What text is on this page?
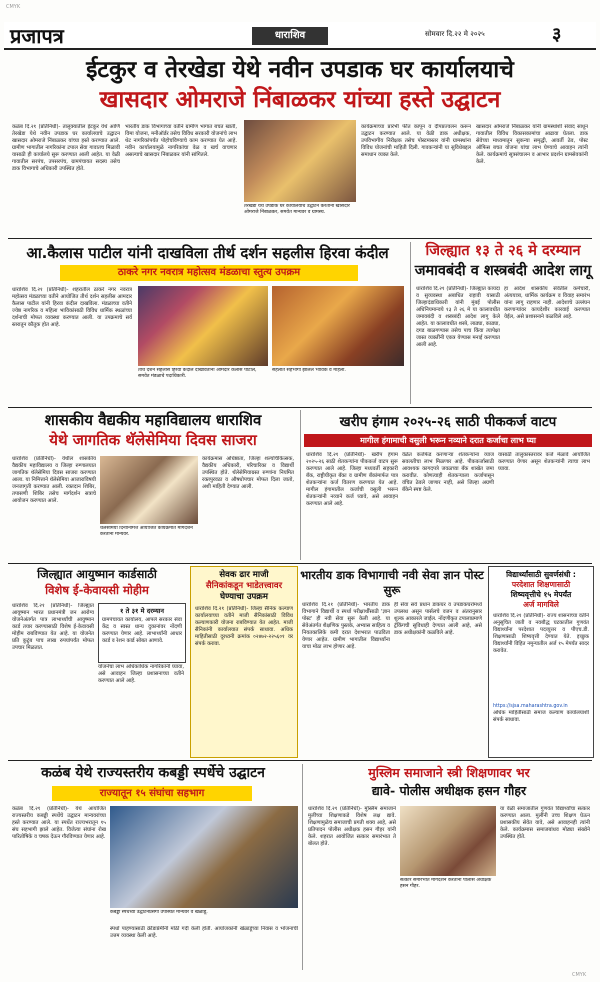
CMYK
CMYK
प्रजापत्र	धाराशिव	सोमवार दि.२२ मे २०२५	३
ईटकुर व तेरखेडा येथे नवीन उपडाक घर कार्यालयाचे
खासदार ओमराजे निंबाळकर यांच्या हस्ते उद्घाटन
कळंब दि.२१ (प्रतिनिधी)- तालुक्यातील ईटकुर येथे आणि तेरखेडा येथे नवीन उपडाक घर कार्यालयाचे उद्घाटन खासदार ओमराजे निंबाळकर यांच्या हस्ते करण्यात आले. ग्रामीण भागातील नागरिकांना टपाल सेवा गावातच मिळावी यासाठी ही कार्यालये सुरू करण्यात आली आहेत. या वेळी गावातील सरपंच, उपसरपंच, ग्रामपंचायत सदस्य तसेच डाक विभागाचे अधिकारी उपस्थित होते.
भारतीय डाक विभागाच्या वतीने ग्रामीण भागात बचत खाती, विमा योजना, मनीऑर्डर तसेच विविध सरकारी योजनांचे लाभ थेट नागरिकांपर्यंत पोहोचविण्याचे काम करण्यात येत आहे. नवीन कार्यालयामुळे नागरिकांचा वेळ व खर्च वाचणार असल्याचे खासदार निंबाळकर यांनी सांगितले.
तेरखेडा येथे उपडाक घर कार्यालयाचे उद्घाटन करताना खासदार ओमराजे निंबाळकर, समवेत मान्यवर व ग्रामस्थ.
कार्यक्रमाच्या प्रारंभी फीत कापून व दीपप्रज्वलन करून उद्घाटन करण्यात आले. या वेळी डाक अधीक्षक, उपविभागीय निरीक्षक तसेच पोस्टमास्तर यांनी ग्रामस्थांना विविध योजनांची माहिती दिली. गावकऱ्यांनी या सुविधेबद्दल समाधान व्यक्त केले.
खासदार ओमराजे निंबाळकर यांनी ग्रामस्थांशी संवाद साधून गावातील विविध विकासकामांचा आढावा घेतला. डाक सेवेच्या माध्यमातून सुकन्या समृद्धी, आवर्ती ठेव, पोस्ट ऑफिस बचत योजना यांचा लाभ घेण्याचे आवाहन त्यांनी केले. कार्यक्रमाचे सूत्रसंचालन व आभार प्रदर्शन ग्रामसेवकांनी केले.
आ.कैलास पाटील यांनी दाखविला तीर्थ दर्शन सहलीस हिरवा कंदील
ठाकरे नगर नवरात्र महोत्सव मंडळाचा स्तुत्य उपक्रम
धाराशिव दि.२१ (प्रतिनिधी)- शहरातील ठाकरे नगर नवरात्र महोत्सव मंडळाच्या वतीने आयोजित तीर्थ दर्शन सहलीस आमदार कैलास पाटील यांनी हिरवा कंदील दाखविला. मंडळाच्या वतीने ज्येष्ठ नागरिक व महिला भाविकांसाठी विविध धार्मिक स्थळांच्या दर्शनाची मोफत व्यवस्था करण्यात आली. या उपक्रमाचे सर्व स्तरातून कौतुक होत आहे.
तीर्थ दर्शन सहलीस हिरवा कंदील दाखविताना आमदार कैलास पाटील, समवेत मंडळाचे पदाधिकारी.
सहलीत सहभागी झालेले भाविक व महिला.
जिल्ह्यात १३ ते २६ मे दरम्यान
जमावबंदी व शस्त्रबंदी आदेश लागू
धाराशिव दि.२१ (प्रतिनिधी)- जिल्ह्यात कायदा व सुव्यवस्था अबाधित राहावी यासाठी जिल्हादंडाधिकारी यांनी मुंबई पोलीस अधिनियमान्वये १३ ते २६ मे या कालावधीत जमावबंदी व शस्त्रबंदी आदेश लागू केले आहेत. या कालावधीत शस्त्रे, लाठ्या, काठ्या, दगड बाळगण्यास तसेच पाच किंवा त्यापेक्षा जास्त व्यक्तींनी एकत्र येण्यास मनाई करण्यात आली आहे.
हा आदेश शासकीय सेवेतील कर्मचारी, अंत्ययात्रा, धार्मिक कार्यक्रम व विवाह समारंभ यांना लागू राहणार नाही. आदेशाचे उल्लंघन करणाऱ्यांवर कायदेशीर कारवाई करण्यात येईल, असे प्रशासनाने कळविले आहे.
शासकीय वैद्यकीय महाविद्यालय धाराशिव
येथे जागतिक थॅलेसेमिया दिवस साजरा
धाराशिव (प्रतिनिधी)- येथील शासकीय वैद्यकीय महाविद्यालय व जिल्हा रुग्णालयात जागतिक थॅलेसेमिया दिवस साजरा करण्यात आला. या निमित्ताने थॅलेसेमिया आजाराविषयी जनजागृती करण्यात आली. रक्तदान शिबिर, तपासणी शिबिर तसेच मार्गदर्शन सत्राचे आयोजन करण्यात आले.
थॅलेसेमिया दिनानिमित्त आयोजित कार्यक्रमात मार्गदर्शन करताना मान्यवर.
कार्यक्रमास अधिष्ठाता, जिल्हा शल्यचिकित्सक, वैद्यकीय अधिकारी, परिचारिका व विद्यार्थी उपस्थित होते. थॅलेसेमियाग्रस्त रुग्णांना नियमित रक्तपुरवठा व औषधोपचार मोफत दिला जातो, अशी माहिती देण्यात आली.
खरीप हंगाम २०२५-२६ साठी पीककर्ज वाटप
मागील हंगामाची वसुली भरून नव्याने दरात कर्जाचा लाभ घ्या
धाराशिव दि.२१ (प्रतिनिधी)- खरीप हंगाम २०२५-२६ साठी शेतकऱ्यांना पीककर्ज वाटप सुरू करण्यात आले आहे. जिल्हा मध्यवर्ती सहकारी बँक, राष्ट्रीयीकृत बँका व ग्रामीण बँकांमार्फत पात्र शेतकऱ्यांना कर्ज वितरण करण्यात येत आहे. मागील हंगामातील कर्जाची वसुली भरून शेतकऱ्यांनी नव्याने कर्ज घ्यावे, असे आवाहन करण्यात आले आहे.
वेळेत कर्जफेड करणाऱ्या शेतकऱ्यांना व्याज सवलतीचा लाभ मिळणार आहे. पीककर्जासाठी आवश्यक कागदपत्रे जवळच्या बँक शाखेत जमा करावीत. कोणत्याही शेतकऱ्याला कर्जापासून वंचित ठेवले जाणार नाही, असे जिल्हा अग्रणी बँकेने स्पष्ट केले.
यासाठी तालुकास्तरावर कर्ज मेळावे आयोजित करण्यात येणार असून शेतकऱ्यांनी त्याचा लाभ घ्यावा.
जिल्ह्यात आयुष्मान कार्डसाठी
विशेष ई-केवायसी मोहीम
धाराशिव दि.२१ (प्रतिनिधी)- जिल्ह्यात आयुष्मान भारत प्रधानमंत्री जन आरोग्य योजनेअंतर्गत पात्र लाभार्थ्यांची आयुष्मान कार्ड तयार करण्यासाठी विशेष ई-केवायसी मोहीम राबविण्यात येत आहे. या योजनेत प्रति कुटुंब पाच लाख रुपयांपर्यंत मोफत उपचार मिळतात.
१ ते ३१ मे दरम्यान
ग्रामपंचायत कार्यालय, आपले सरकार सेवा केंद्र व स्वस्त धान्य दुकानांवर नोंदणी करण्यात येणार आहे. लाभार्थ्यांनी आधार कार्ड व रेशन कार्ड सोबत आणावे.
योजनेचा लाभ अधिकाधिक नागरिकांनी घ्यावा, असे आवाहन जिल्हा प्रशासनाच्या वतीने करण्यात आले आहे.
सेवक ढार माजी
सैनिकांकडून भाडेतत्त्वावर
घेण्याचा उपक्रम
धाराशिव दि.२१ (प्रतिनिधी)- जिल्हा सैनिक कल्याण कार्यालयाच्या वतीने माजी सैनिकांसाठी विविध कल्याणकारी योजना राबविण्यात येत आहेत. माजी सैनिकांनी कार्यालयात संपर्क साधावा. अधिक माहितीसाठी दूरध्वनी क्रमांक ०२४७२-२२५६०१ वर संपर्क करावा.
भारतीय डाक विभागाची नवी सेवा ज्ञान पोस्ट सुरू
धाराशिव दि.२१ (प्रतिनिधी)- भारतीय डाक विभागाने विद्यार्थी व स्पर्धा परीक्षार्थींसाठी 'ज्ञान पोस्ट' ही नवी सेवा सुरू केली आहे. या सेवेअंतर्गत शैक्षणिक पुस्तके, अभ्यास साहित्य व नियतकालिके कमी दरात देशभरात पाठविता येणार आहेत. ग्रामीण भागातील विद्यार्थ्यांना याचा मोठा लाभ होणार आहे.
ही सेवा सर्व प्रधान डाकघर व उपडाकघरांमध्ये उपलब्ध असून पार्सलचे वजन व अंतरानुसार शुल्क आकारले जाईल. नोंदणीकृत टपालाप्रमाणे ट्रॅकिंगची सुविधाही देण्यात आली आहे, असे डाक अधीक्षकांनी कळविले आहे.
विद्यार्थ्यांसाठी सुवर्णसंधी :
परदेशात शिक्षणासाठी
शिष्यवृत्तीचे १५ मेपर्यंत
अर्ज मागविले
धाराशिव दि.२१ (प्रतिनिधी)- राज्य शासनाच्या वतीने अनुसूचित जाती व नवबौद्ध घटकातील गुणवंत विद्यार्थ्यांना परदेशात पदव्युत्तर व पीएच.डी. शिक्षणासाठी शिष्यवृत्ती देण्यात येते. इच्छुक विद्यार्थ्यांनी विहित नमुन्यातील अर्ज १५ मेपर्यंत सादर करावेत.
https://sjsa.maharashtra.gov.in
अधिक माहितीसाठी समाज कल्याण कार्यालयाशी संपर्क साधावा.
कळंब येथे राज्यस्तरीय कबड्डी स्पर्धेचे उद्घाटन
राज्यातून १५ संघांचा सहभाग
कळंब दि.२१ (प्रतिनिधी)- येथे आयोजित राज्यस्तरीय कबड्डी स्पर्धेचे उद्घाटन मान्यवरांच्या हस्ते करण्यात आले. या स्पर्धेत राज्यभरातून १५ संघ सहभागी झाले आहेत. विजेत्या संघांना रोख पारितोषिके व चषक देऊन गौरविण्यात येणार आहे.
कबड्डी स्पर्धेच्या उद्घाटनप्रसंगी उपस्थित मान्यवर व खेळाडू.
स्पर्धा पाहण्यासाठी क्रीडाप्रेमींनी मोठी गर्दी केली होती. आयोजकांनी खेळाडूंच्या निवास व भोजनाची उत्तम व्यवस्था केली आहे.
मुस्लिम समाजाने स्त्री शिक्षणावर भर
द्यावे- पोलीस अधीक्षक हसन गौहर
धाराशिव दि.२१ (प्रतिनिधी)- मुस्लिम समाजाने मुलींच्या शिक्षणाकडे विशेष लक्ष द्यावे. शिक्षणामुळेच समाजाची प्रगती शक्य आहे, असे प्रतिपादन पोलीस अधीक्षक हसन गौहर यांनी केले. शहरात आयोजित सत्कार समारंभात ते बोलत होते.
सत्कार समारंभात मार्गदर्शन करताना पोलीस अधीक्षक हसन गौहर.
या वेळी समाजातील गुणवंत विद्यार्थ्यांचा सत्कार करण्यात आला. मुलींनी उच्च शिक्षण घेऊन प्रशासकीय सेवेत यावे, असे आवाहनही त्यांनी केले. कार्यक्रमास समाजबांधव मोठ्या संख्येने उपस्थित होते.
